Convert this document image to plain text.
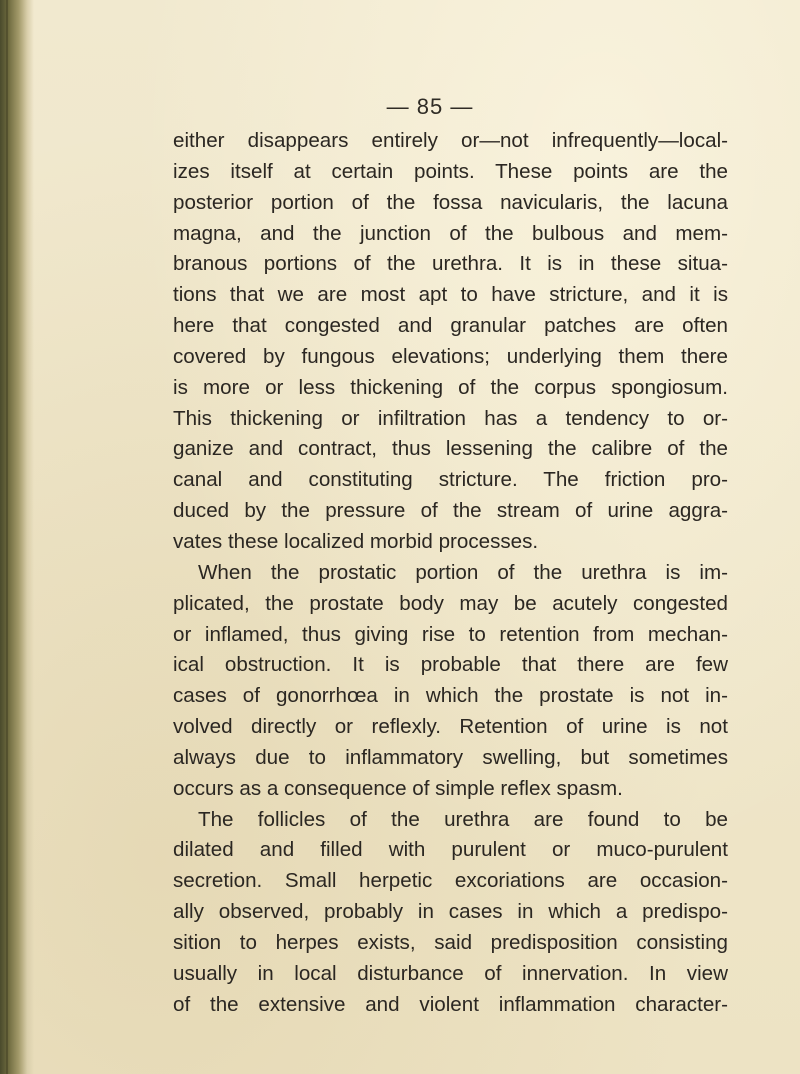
— 85 —
either disappears entirely or—not infrequently—local-
izes itself at certain points. These points are the
posterior portion of the fossa navicularis, the lacuna
magna, and the junction of the bulbous and mem-
branous portions of the urethra. It is in these situa-
tions that we are most apt to have stricture, and it is
here that congested and granular patches are often
covered by fungous elevations; underlying them there
is more or less thickening of the corpus spongiosum.
This thickening or infiltration has a tendency to or-
ganize and contract, thus lessening the calibre of the
canal and constituting stricture. The friction pro-
duced by the pressure of the stream of urine aggra-
vates these localized morbid processes.
When the prostatic portion of the urethra is im-
plicated, the prostate body may be acutely congested
or inflamed, thus giving rise to retention from mechan-
ical obstruction. It is probable that there are few
cases of gonorrhœa in which the prostate is not in-
volved directly or reflexly. Retention of urine is not
always due to inflammatory swelling, but sometimes
occurs as a consequence of simple reflex spasm.
The follicles of the urethra are found to be
dilated and filled with purulent or muco-purulent
secretion. Small herpetic excoriations are occasion-
ally observed, probably in cases in which a predispo-
sition to herpes exists, said predisposition consisting
usually in local disturbance of innervation. In view
of the extensive and violent inflammation character-
